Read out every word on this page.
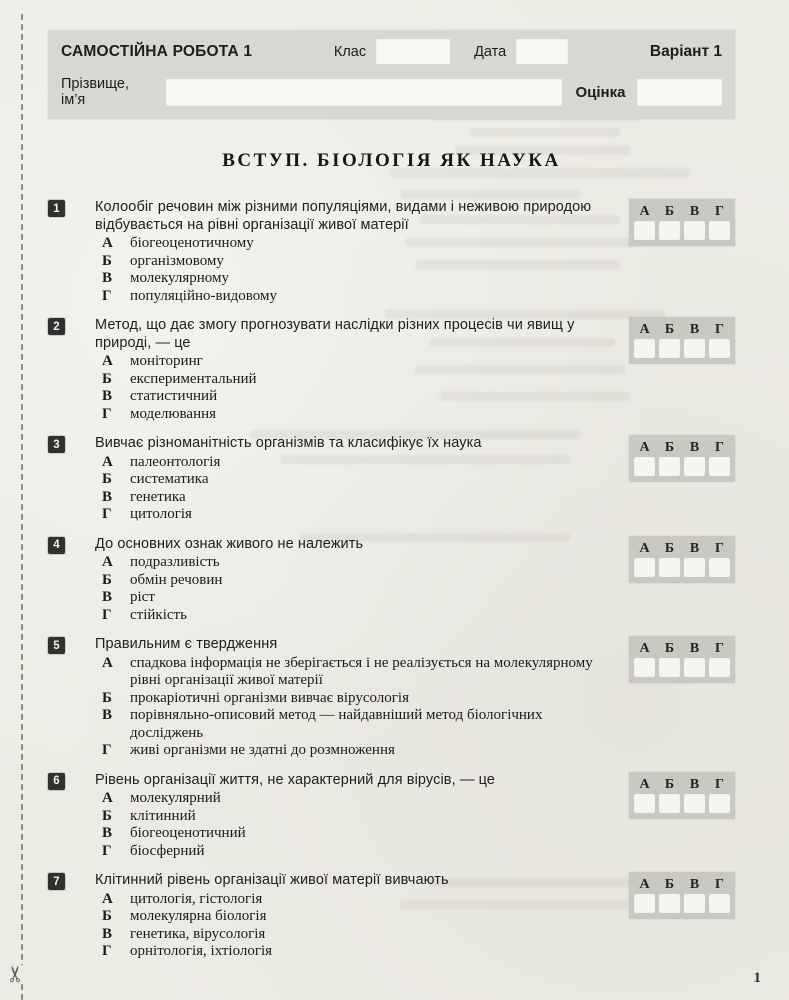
✂
САМОСТІЙНА РОБОТА 1	Клас	Дата	Варіант 1
Прізвище, ім’я	Оцінка
ВСТУП. БІОЛОГІЯ ЯК НАУКА
1	Колообіг речовин між різними популяціями, видами і неживою природою відбувається на рівні організації живої матерії
А	біогеоценотичному
Б	організмовому
В	молекулярному
Г	популяційно-видовому
А	Б	В	Г
2	Метод, що дає змогу прогнозувати наслідки різних процесів чи явищ у природі, — це
А	моніторинг
Б	експериментальний
В	статистичний
Г	моделювання
А	Б	В	Г
3	Вивчає різноманітність організмів та класифікує їх наука
А	палеонтологія
Б	систематика
В	генетика
Г	цитологія
А	Б	В	Г
4	До основних ознак живого не належить
А	подразливість
Б	обмін речовин
В	ріст
Г	стійкість
А	Б	В	Г
5	Правильним є твердження
А	спадкова інформація не зберігається і не реалізується на молекулярному рівні організації живої матерії
Б	прокаріотичні організми вивчає вірусологія
В	порівняльно-описовий метод — найдавніший метод біологічних досліджень
Г	живі організми не здатні до розмноження
А	Б	В	Г
6	Рівень організації життя, не характерний для вірусів, — це
А	молекулярний
Б	клітинний
В	біогеоценотичний
Г	біосферний
А	Б	В	Г
7	Клітинний рівень організації живої матерії вивчають
А	цитологія, гістологія
Б	молекулярна біологія
В	генетика, вірусологія
Г	орнітологія, іхтіологія
А	Б	В	Г
1
